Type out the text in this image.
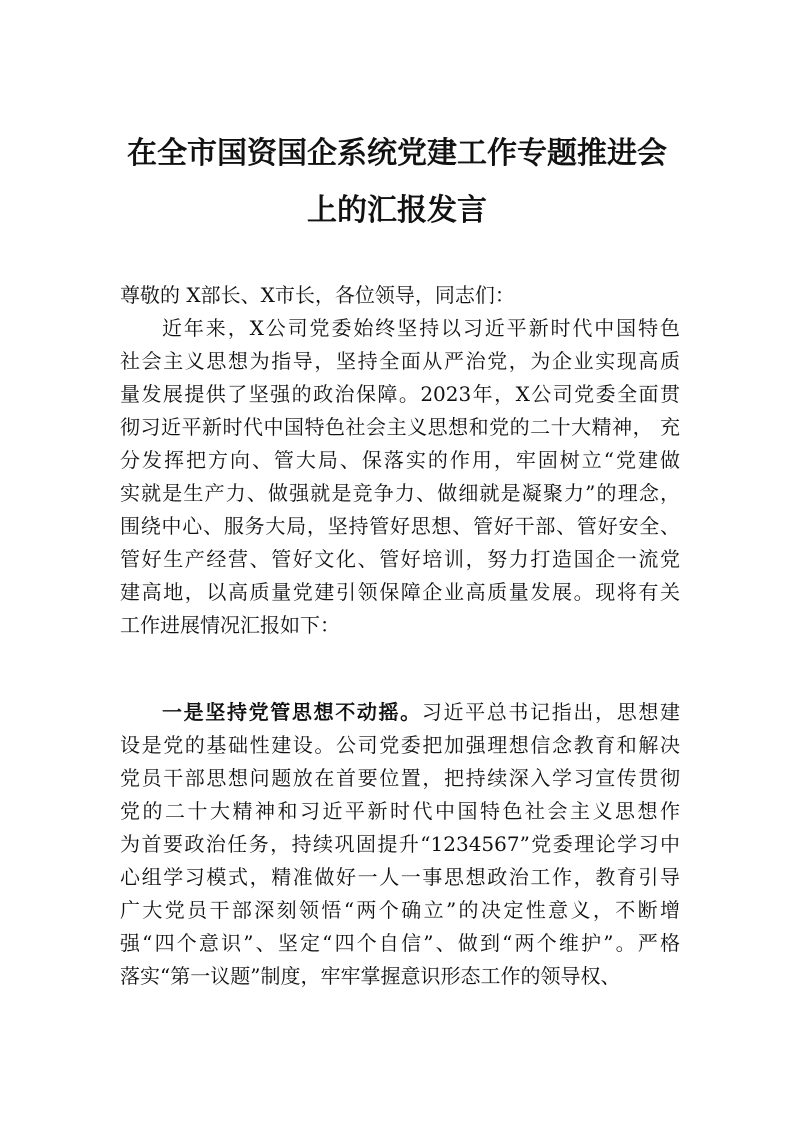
在全市国资国企系统党建工作专题推进会
上的汇报发言
尊敬的 X部长、X市长，各位领导，同志们：
近年来，X公司党委始终坚持以习近平新时代中国特色
社会主义思想为指导，坚持全面从严治党，为企业实现高质
量发展提供了坚强的政治保障。2023年，X公司党委全面贯
彻习近平新时代中国特色社会主义思想和党的二十大精神， 充
分发挥把方向、管大局、保落实的作用，牢固树立“党建做
实就是生产力、做强就是竞争力、做细就是凝聚力”的理念，
围绕中心、服务大局，坚持管好思想、管好干部、管好安全、
管好生产经营、管好文化、管好培训，努力打造国企一流党
建高地，以高质量党建引领保障企业高质量发展。现将有关
工作进展情况汇报如下：
一是坚持党管思想不动摇。习近平总书记指出，思想建
设是党的基础性建设。公司党委把加强理想信念教育和解决
党员干部思想问题放在首要位置，把持续深入学习宣传贯彻
党的二十大精神和习近平新时代中国特色社会主义思想作
为首要政治任务，持续巩固提升“1234567”党委理论学习中
心组学习模式，精准做好一人一事思想政治工作，教育引导
广大党员干部深刻领悟“两个确立”的决定性意义，不断增
强“四个意识”、坚定“四个自信”、做到“两个维护”。严格
落实“第一议题”制度，牢牢掌握意识形态工作的领导权、
